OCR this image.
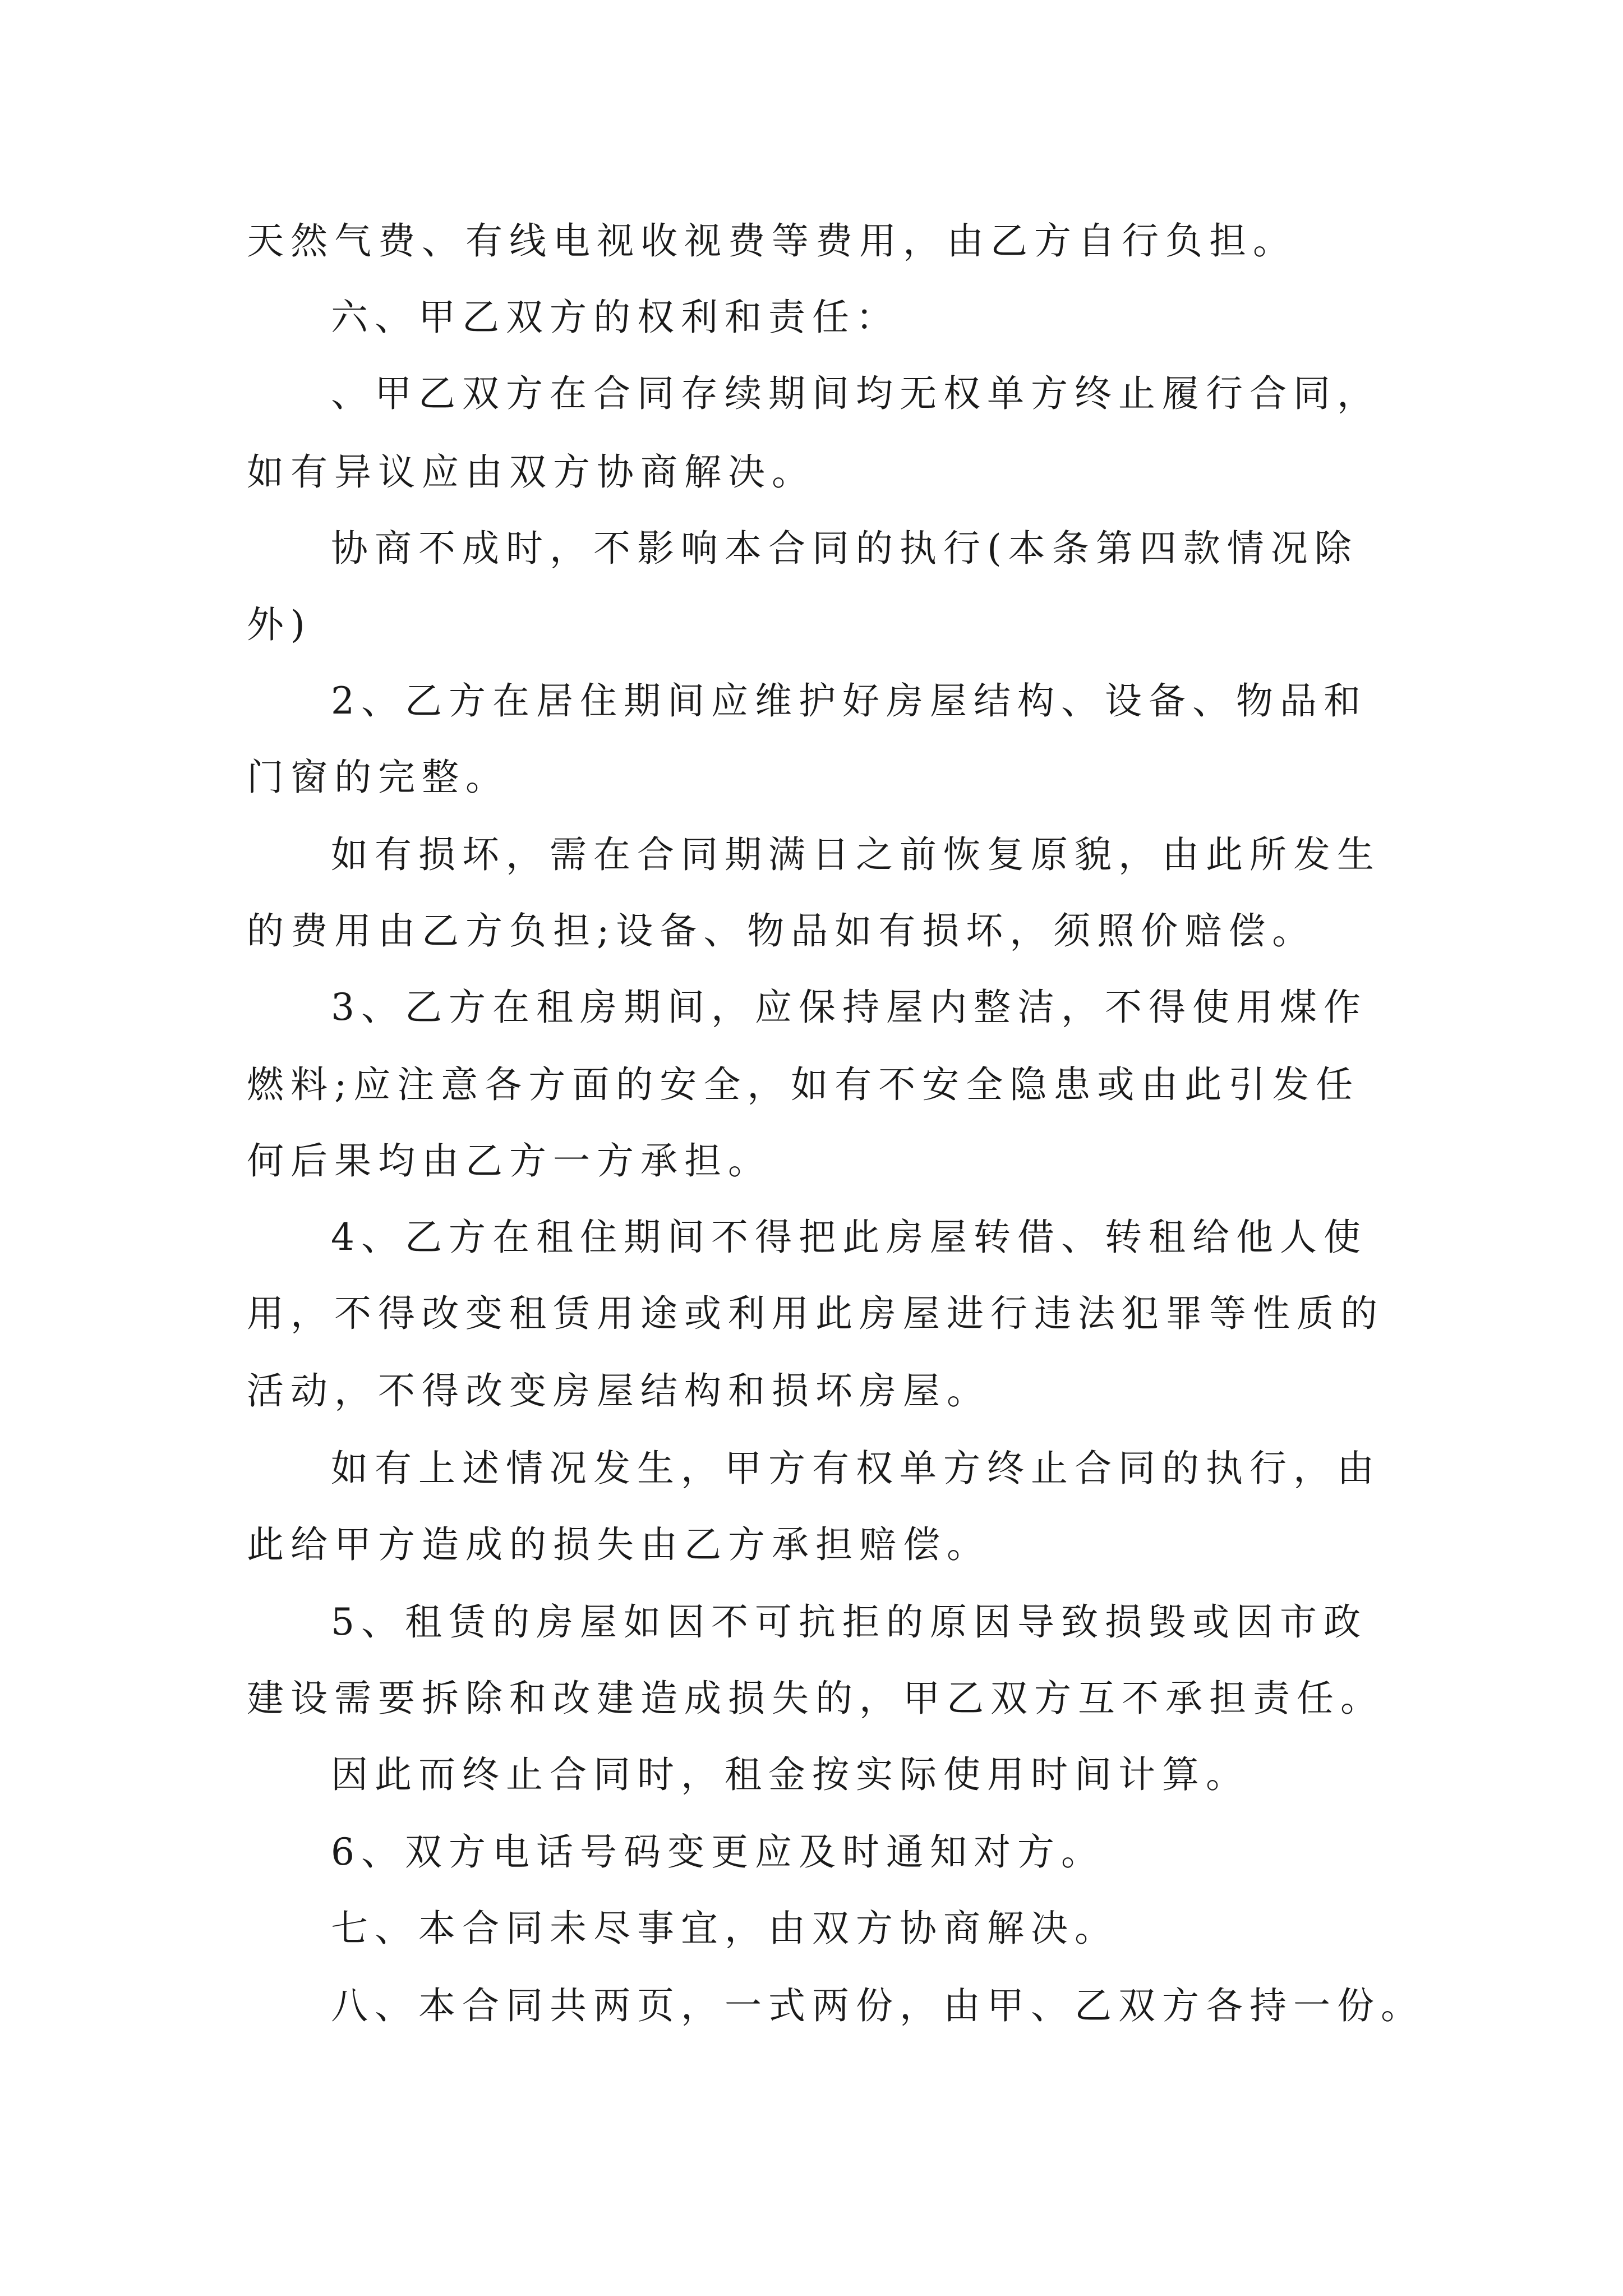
天然气费、有线电视收视费等费用，由乙方自行负担。

六、甲乙双方的权利和责任：

、甲乙双方在合同存续期间均无权单方终止履行合同，

如有异议应由双方协商解决。

协商不成时，不影响本合同的执行(本条第四款情况除

外)

2、乙方在居住期间应维护好房屋结构、设备、物品和

门窗的完整。

如有损坏，需在合同期满日之前恢复原貌，由此所发生

的费用由乙方负担;设备、物品如有损坏，须照价赔偿。

3、乙方在租房期间，应保持屋内整洁，不得使用煤作

燃料;应注意各方面的安全，如有不安全隐患或由此引发任

何后果均由乙方一方承担。

4、乙方在租住期间不得把此房屋转借、转租给他人使

用，不得改变租赁用途或利用此房屋进行违法犯罪等性质的

活动，不得改变房屋结构和损坏房屋。

如有上述情况发生，甲方有权单方终止合同的执行，由

此给甲方造成的损失由乙方承担赔偿。

5、租赁的房屋如因不可抗拒的原因导致损毁或因市政

建设需要拆除和改建造成损失的，甲乙双方互不承担责任。

因此而终止合同时，租金按实际使用时间计算。

6、双方电话号码变更应及时通知对方。

七、本合同未尽事宜，由双方协商解决。

八、本合同共两页，一式两份，由甲、乙双方各持一份。
